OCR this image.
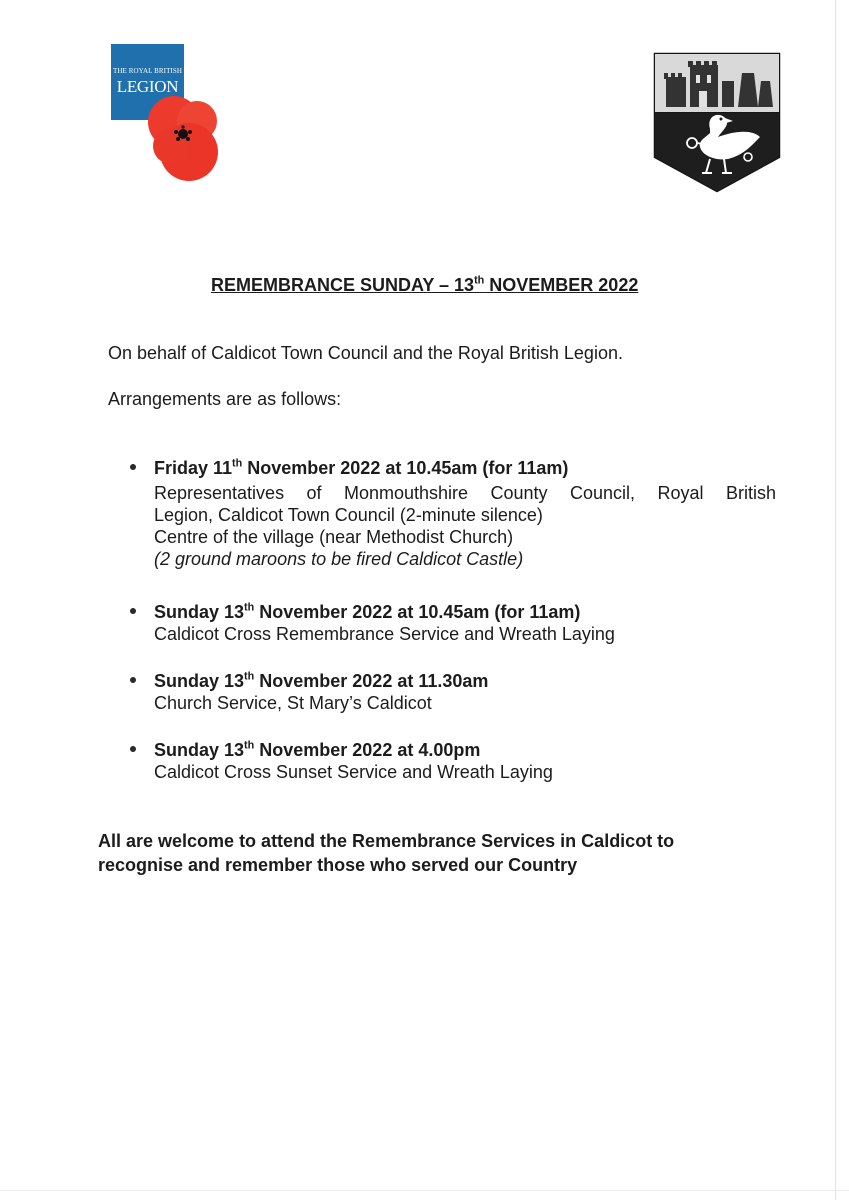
THE ROYAL BRITISH
LEGION
REMEMBRANCE SUNDAY – 13th NOVEMBER 2022

On behalf of Caldicot Town Council and the Royal British Legion.

Arrangements are as follows:

Friday 11th November 2022 at 10.45am (for 11am)
Representatives of Monmouthshire County Council, Royal British
Legion, Caldicot Town Council (2-minute silence)
Centre of the village (near Methodist Church)
(2 ground maroons to be fired Caldicot Castle)
Sunday 13th November 2022 at 10.45am (for 11am)
Caldicot Cross Remembrance Service and Wreath Laying
Sunday 13th November 2022 at 11.30am
Church Service, St Mary’s Caldicot
Sunday 13th November 2022 at 4.00pm
Caldicot Cross Sunset Service and Wreath Laying
All are welcome to attend the Remembrance Services in Caldicot to
recognise and remember those who served our Country
